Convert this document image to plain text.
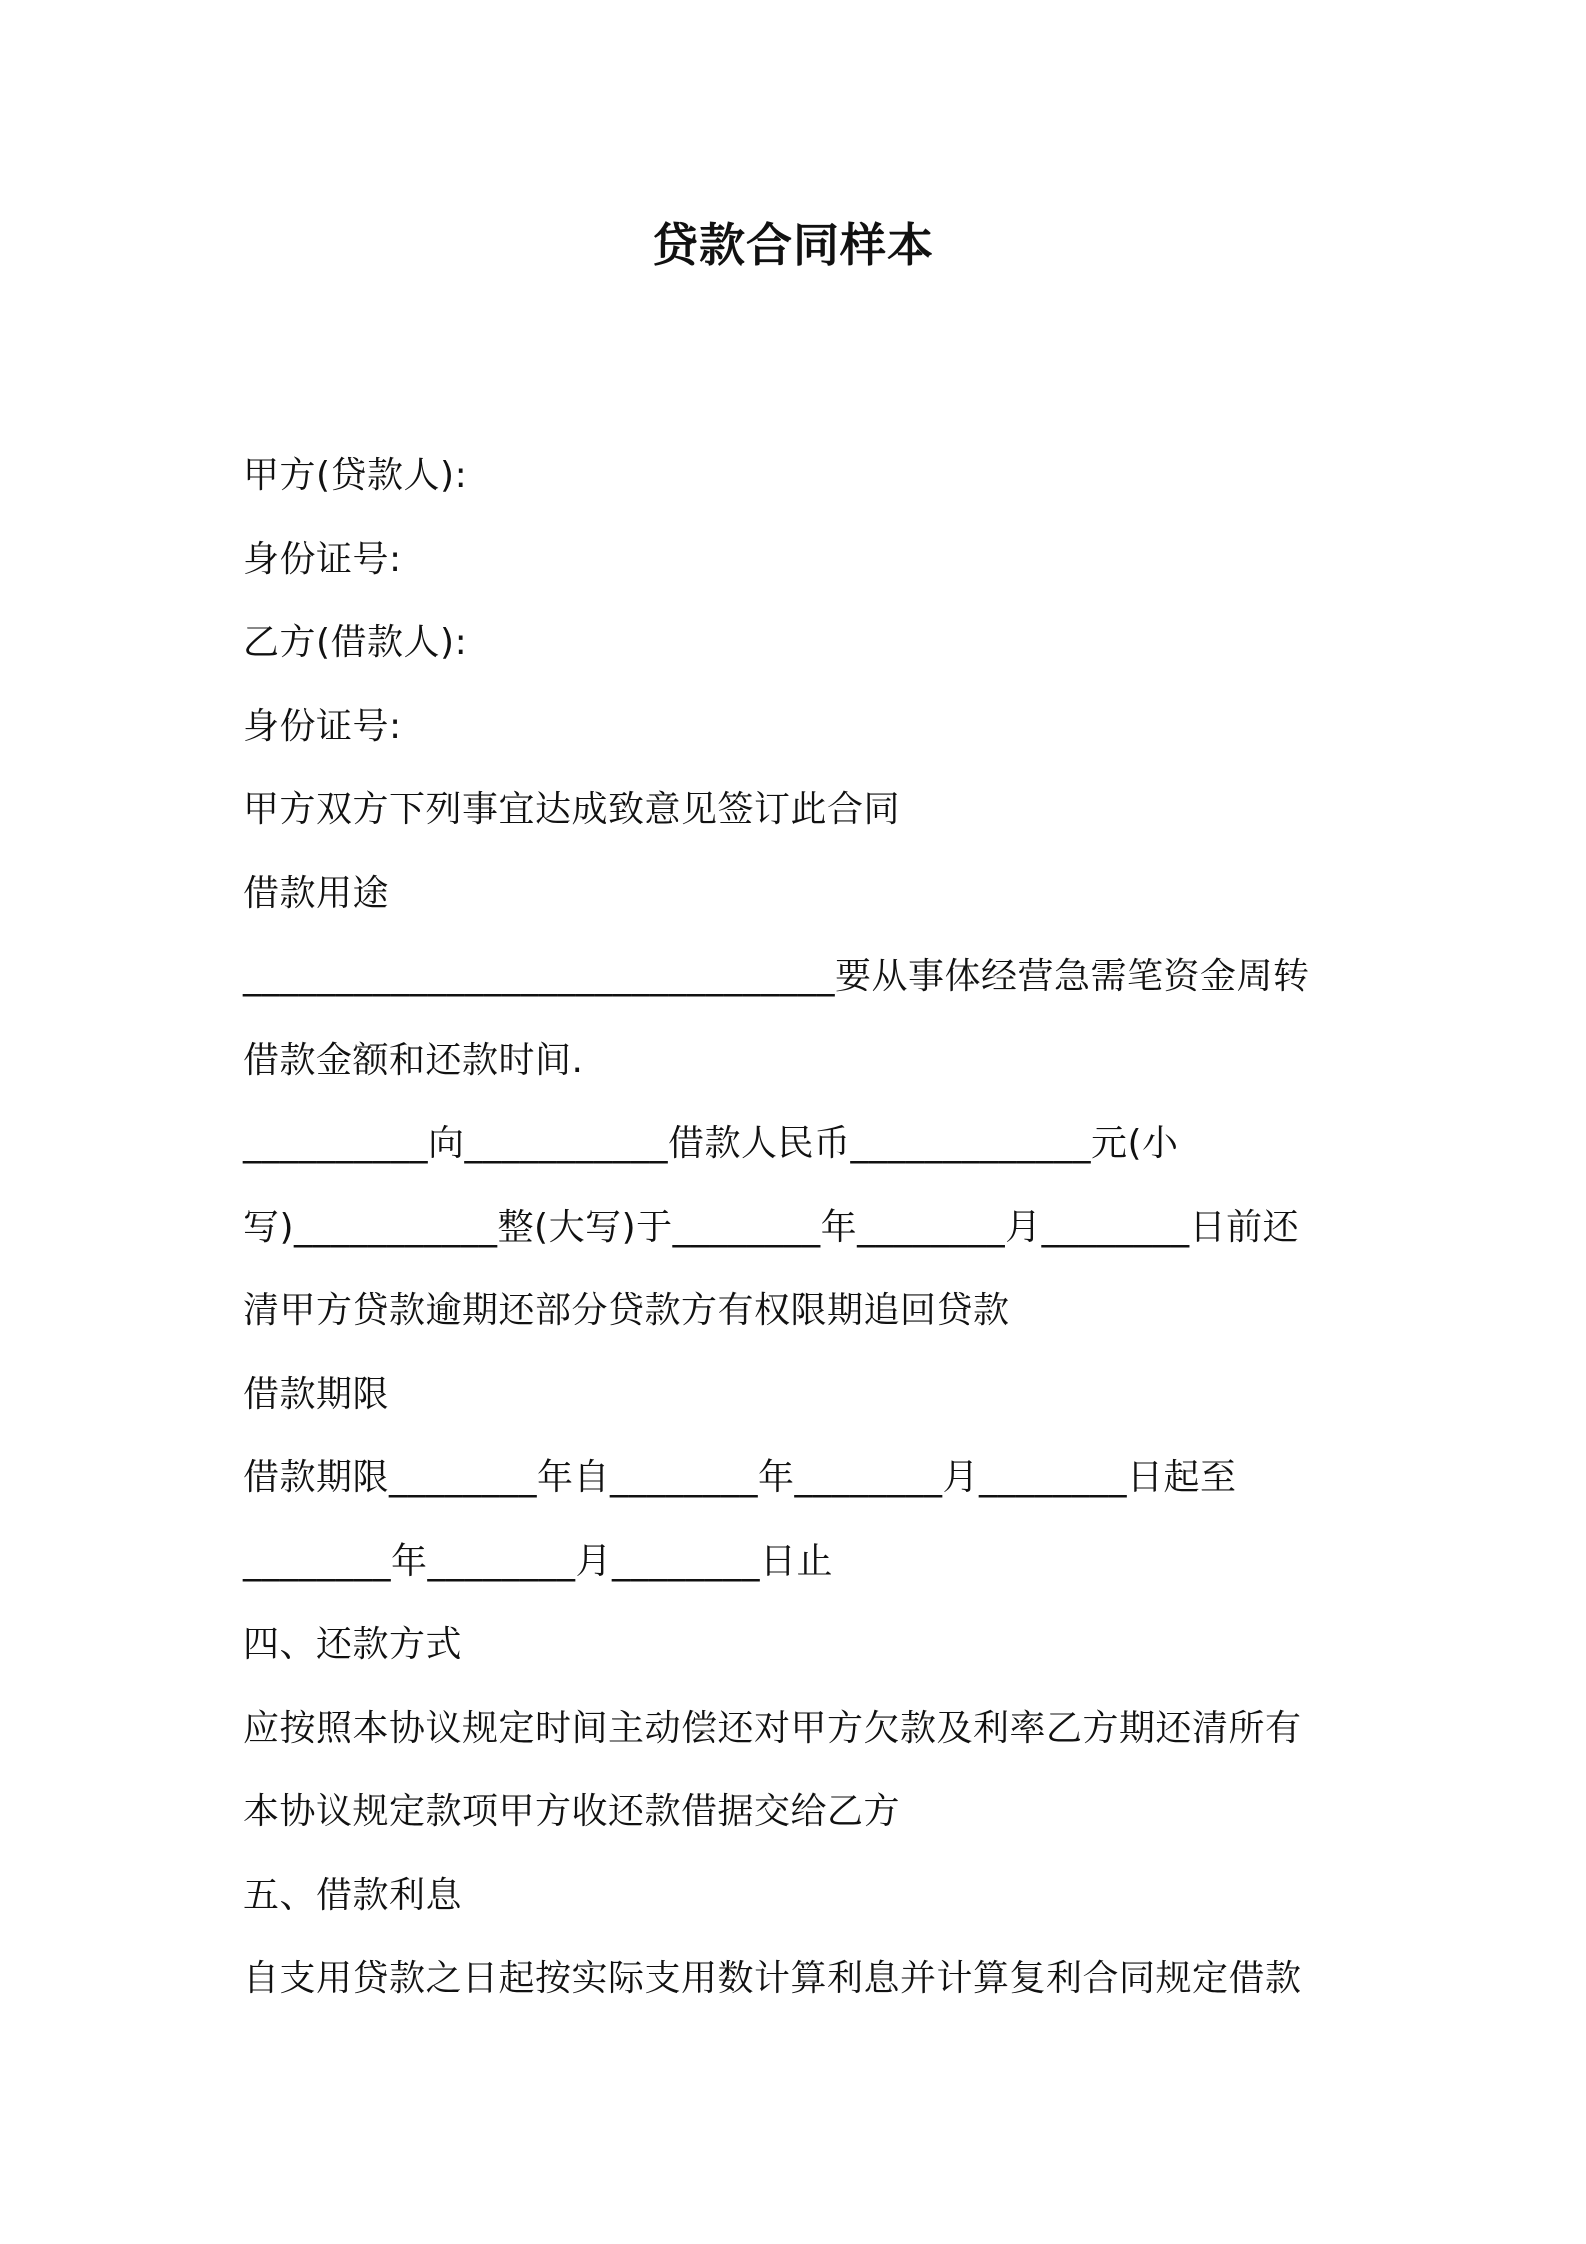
贷款合同样本
甲方(贷款人):
身份证号:
乙方(借款人):
身份证号:
甲方双方下列事宜达成致意见签订此合同
借款用途
________________________________要从事体经营急需笔资金周转
借款金额和还款时间.
__________向___________借款人民币_____________元(小
写)___________整(大写)于________年________月________日前还
清甲方贷款逾期还部分贷款方有权限期追回贷款
借款期限
借款期限________年自________年________月________日起至
________年________月________日止
四、还款方式
应按照本协议规定时间主动偿还对甲方欠款及利率乙方期还清所有
本协议规定款项甲方收还款借据交给乙方
五、借款利息
自支用贷款之日起按实际支用数计算利息并计算复利合同规定借款
